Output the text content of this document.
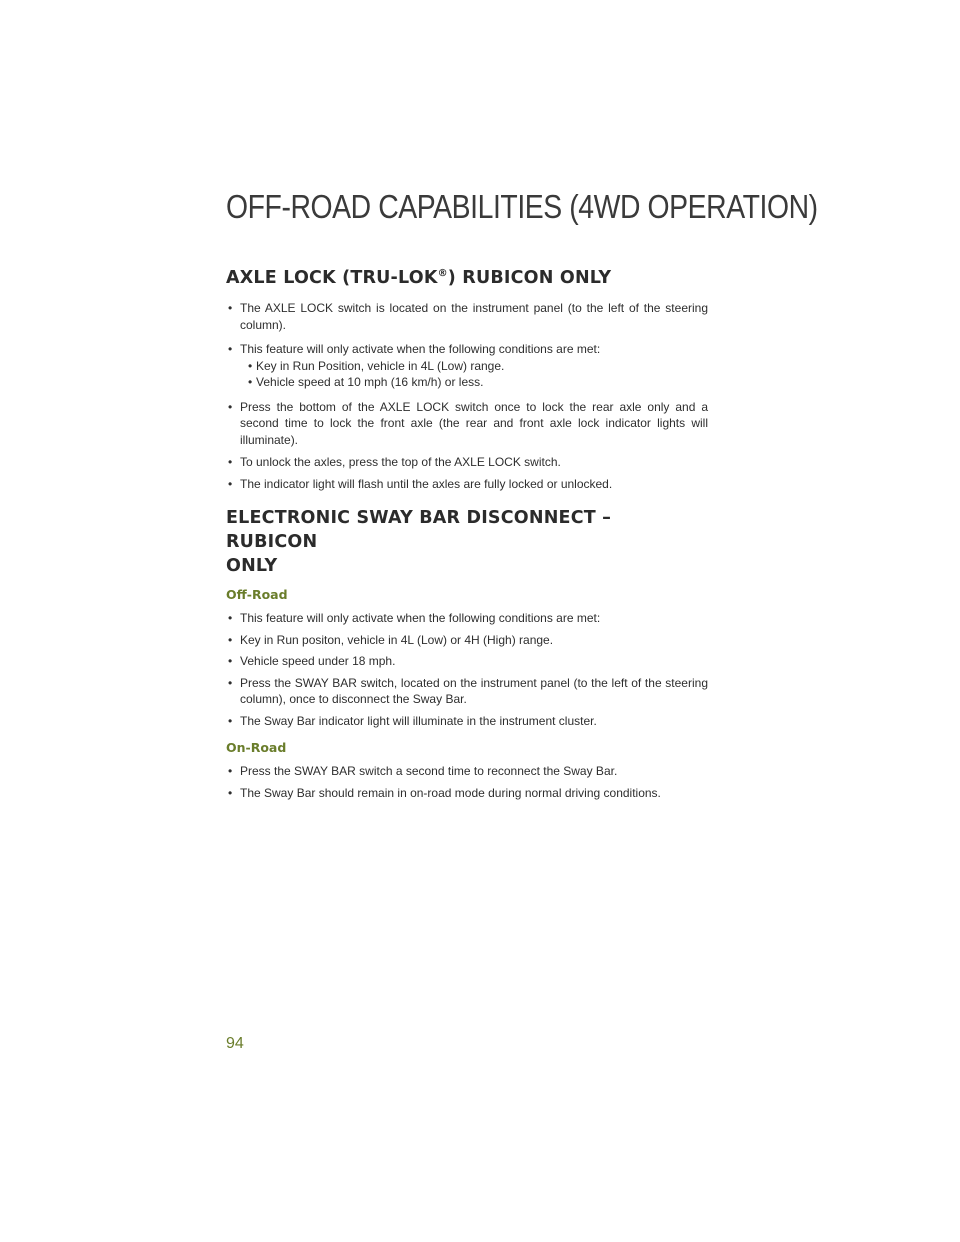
OFF-ROAD CAPABILITIES (4WD OPERATION)
AXLE LOCK (TRU-LOK®) RUBICON ONLY
• The AXLE LOCK switch is located on the instrument panel (to the left of the steering column).
• This feature will only activate when the following conditions are met:
• Key in Run Position, vehicle in 4L (Low) range.
• Vehicle speed at 10 mph (16 km/h) or less.
• Press the bottom of the AXLE LOCK switch once to lock the rear axle only and a second time to lock the front axle (the rear and front axle lock indicator lights will illuminate).
• To unlock the axles, press the top of the AXLE LOCK switch.
• The indicator light will flash until the axles are fully locked or unlocked.
ELECTRONIC SWAY BAR DISCONNECT – RUBICON
ONLY
Off-Road
• This feature will only activate when the following conditions are met:
• Key in Run positon, vehicle in 4L (Low) or 4H (High) range.
• Vehicle speed under 18 mph.
• Press the SWAY BAR switch, located on the instrument panel (to the left of the steering column), once to disconnect the Sway Bar.
• The Sway Bar indicator light will illuminate in the instrument cluster.
On-Road
• Press the SWAY BAR switch a second time to reconnect the Sway Bar.
• The Sway Bar should remain in on-road mode during normal driving conditions.
94
